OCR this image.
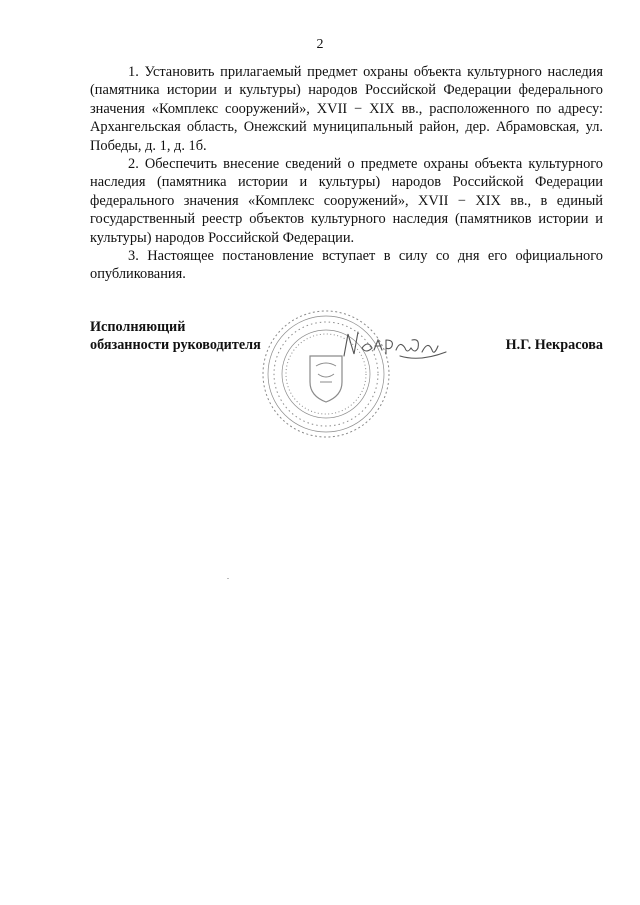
2

1. Установить прилагаемый предмет охраны объекта культурного наследия (памятника истории и культуры) народов Российской Федерации федерального значения «Комплекс сооружений», XVII − XIX вв., расположенного по адресу: Архангельская область, Онежский муниципальный район, дер. Абрамовская, ул. Победы, д. 1, д. 1б.

2. Обеспечить внесение сведений о предмете охраны объекта культурного наследия (памятника истории и культуры) народов Российской Федерации федерального значения «Комплекс сооружений», XVII − XIX вв., в единый государственный реестр объектов культурного наследия (памятников истории и культуры) народов Российской Федерации.

3. Настоящее постановление вступает в силу со дня его официального опубликования.

Исполняющий
обязанности руководителя	Н.Г. Некрасова
